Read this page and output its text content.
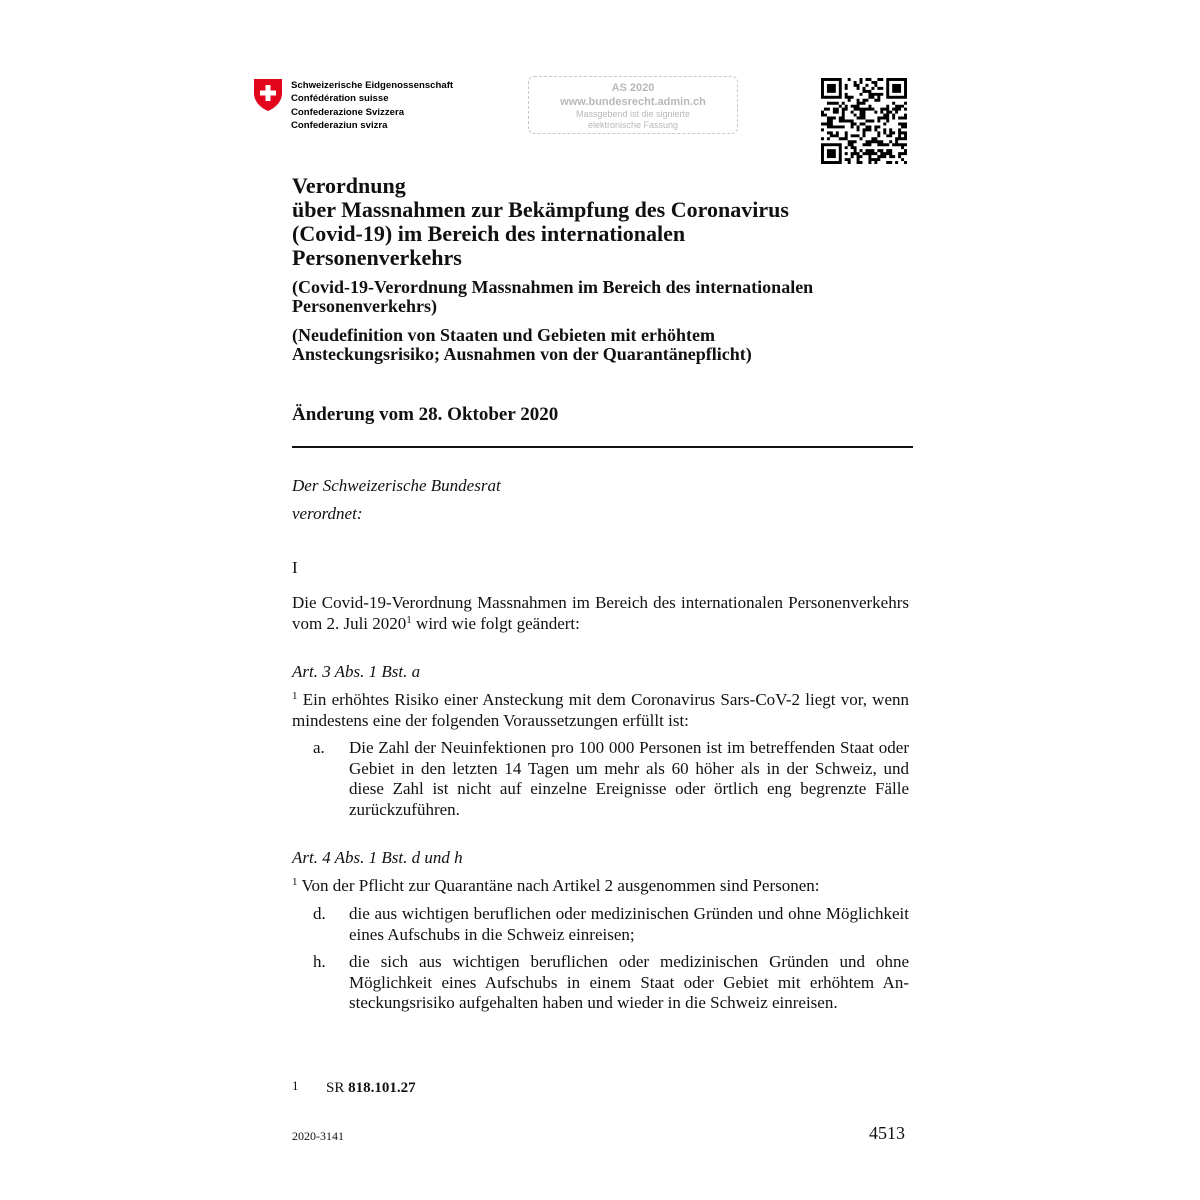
Schweizerische Eidgenossenschaft
Confédération suisse
Confederazione Svizzera
Confederaziun svizra
AS 2020
www.bundesrecht.admin.ch
Massgebend ist die signierte
elektronische Fassung
Verordnung
über Massnahmen zur Bekämpfung des Coronavirus
(Covid-19) im Bereich des internationalen
Personenverkehrs
(Covid-19-Verordnung Massnahmen im Bereich des internationalen
Personenverkehrs)
(Neudefinition von Staaten und Gebieten mit erhöhtem
Ansteckungsrisiko; Ausnahmen von der Quarantänepflicht)
Änderung vom 28. Oktober 2020
Der Schweizerische Bundesrat
verordnet:
I
Die Covid-19-Verordnung Massnahmen im Bereich des internationalen Personenverkehrs vom 2. Juli 2020$^1$ wird wie folgt geändert:
Art. 3 Abs. 1 Bst. a
$^1$ Ein erhöhtes Risiko einer Ansteckung mit dem Coronavirus Sars-CoV-2 liegt vor, wenn mindestens eine der folgenden Voraussetzungen erfüllt ist:
a. Die Zahl der Neuinfektionen pro 100 000 Personen ist im betreffenden Staat oder Gebiet in den letzten 14 Tagen um mehr als 60 höher als in der Schweiz, und diese Zahl ist nicht auf einzelne Ereignisse oder örtlich eng begrenzte Fälle zurückzuführen.
Art. 4 Abs. 1 Bst. d und h
$^1$ Von der Pflicht zur Quarantäne nach Artikel 2 ausgenommen sind Personen:
d. die aus wichtigen beruflichen oder medizinischen Gründen und ohne Möglichkeit eines Aufschubs in die Schweiz einreisen;
h. die sich aus wichtigen beruflichen oder medizinischen Gründen und ohne Möglichkeit eines Aufschubs in einem Staat oder Gebiet mit erhöhtem Ansteckungsrisiko aufgehalten haben und wieder in die Schweiz einreisen.
1 SR 818.101.27
2020-3141	4513
